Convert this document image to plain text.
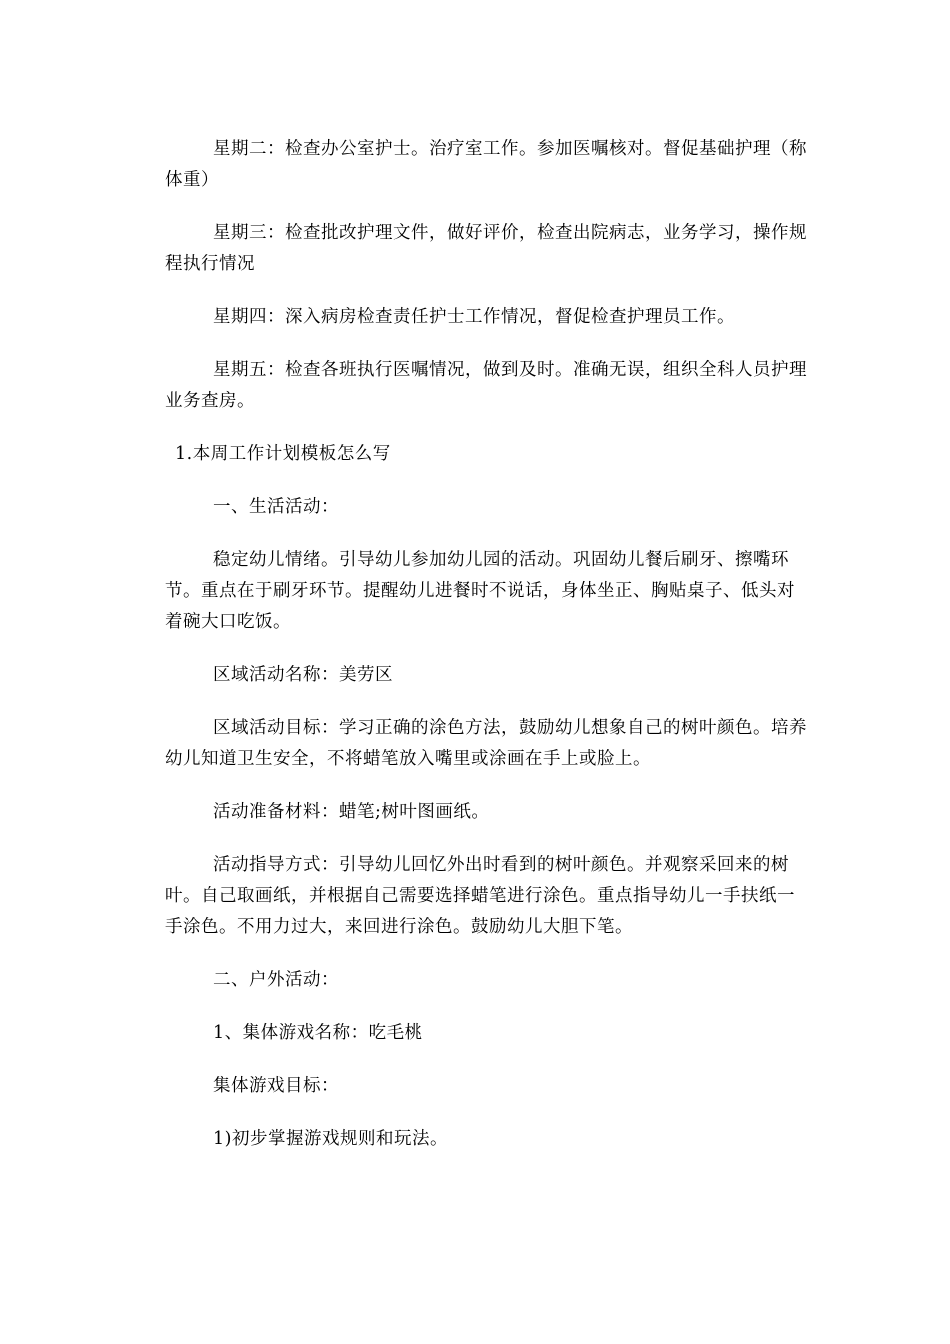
星期二：检查办公室护士。治疗室工作。参加医嘱核对。督促基础护理（称体重）

星期三：检查批改护理文件，做好评价，检查出院病志，业务学习，操作规程执行情况

星期四：深入病房检查责任护士工作情况，督促检查护理员工作。

星期五：检查各班执行医嘱情况，做到及时。准确无误，组织全科人员护理业务查房。

1.本周工作计划模板怎么写

一、生活活动：

稳定幼儿情绪。引导幼儿参加幼儿园的活动。巩固幼儿餐后刷牙、擦嘴环节。重点在于刷牙环节。提醒幼儿进餐时不说话，身体坐正、胸贴桌子、低头对着碗大口吃饭。

区域活动名称：美劳区

区域活动目标：学习正确的涂色方法，鼓励幼儿想象自己的树叶颜色。培养幼儿知道卫生安全，不将蜡笔放入嘴里或涂画在手上或脸上。

活动准备材料：蜡笔;树叶图画纸。

活动指导方式：引导幼儿回忆外出时看到的树叶颜色。并观察采回来的树叶。自己取画纸，并根据自己需要选择蜡笔进行涂色。重点指导幼儿一手扶纸一手涂色。不用力过大，来回进行涂色。鼓励幼儿大胆下笔。

二、户外活动：

1、集体游戏名称：吃毛桃

集体游戏目标：

1)初步掌握游戏规则和玩法。
